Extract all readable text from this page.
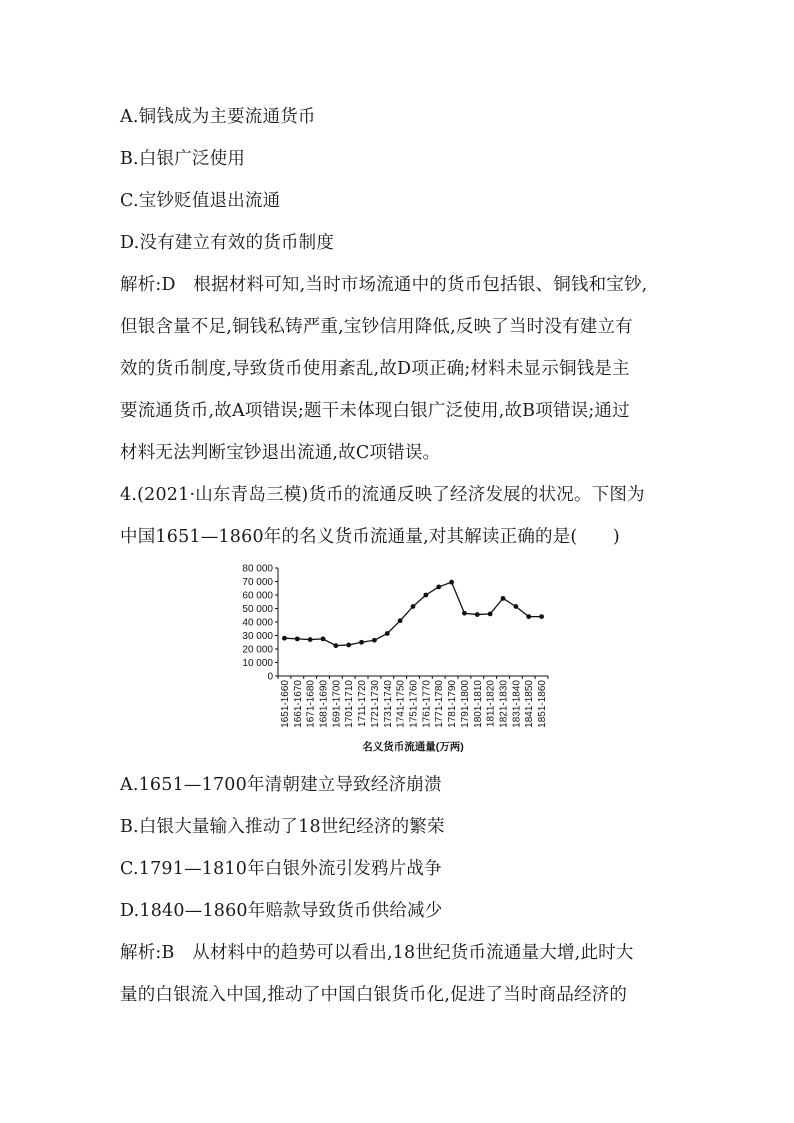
A.铜钱成为主要流通货币
B.白银广泛使用
C.宝钞贬值退出流通
D.没有建立有效的货币制度
解析:D　根据材料可知,当时市场流通中的货币包括银、铜钱和宝钞,
但银含量不足,铜钱私铸严重,宝钞信用降低,反映了当时没有建立有
效的货币制度,导致货币使用紊乱,故D项正确;材料未显示铜钱是主
要流通货币,故A项错误;题干未体现白银广泛使用,故B项错误;通过
材料无法判断宝钞退出流通,故C项错误。
4.(2021·山东青岛三模)货币的流通反映了经济发展的状况。下图为
中国1651—1860年的名义货币流通量,对其解读正确的是(　　)
0
10 000
20 000
30 000
40 000
50 000
60 000
70 000
80 000
1651-1660 1661-1670 1671-1680 1681-1690 1691-1700 1701-1710 1711-1720 1721-1730 1731-1740 1741-1750 1751-1760 1761-1770 1771-1780 1781-1790 1791-1800 1801-1810 1811-1820 1821-1830 1831-1840 1841-1850 1851-1860
名义货币流通量(万两)
A.1651—1700年清朝建立导致经济崩溃
B.白银大量输入推动了18世纪经济的繁荣
C.1791—1810年白银外流引发鸦片战争
D.1840—1860年赔款导致货币供给减少
解析:B　从材料中的趋势可以看出,18世纪货币流通量大增,此时大
量的白银流入中国,推动了中国白银货币化,促进了当时商品经济的
